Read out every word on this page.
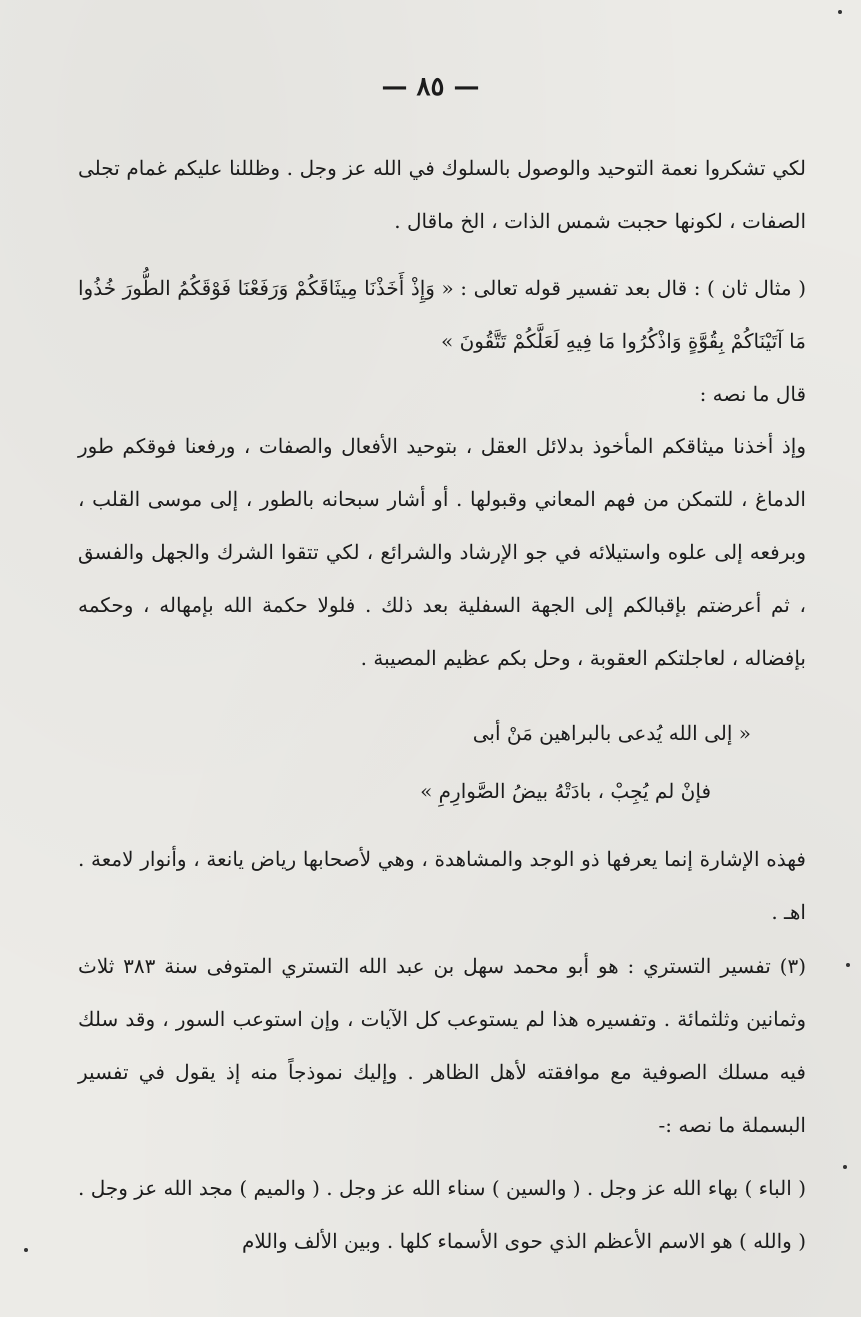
— ٨٥ —

لكي تشكروا نعمة التوحيد والوصول بالسلوك في الله عز وجل . وظللنا عليكم غمام تجلى الصفات ، لكونها حجبت شمس الذات ، الخ ماقال .

( مثال ثان ) : قال بعد تفسير قوله تعالى : « وَإِذْ أَخَذْنَا مِيثَاقَكُمْ وَرَفَعْنَا فَوْقَكُمُ الطُّورَ خُذُوا مَا آتَيْنَاكُمْ بِقُوَّةٍ وَاذْكُرُوا مَا فِيهِ لَعَلَّكُمْ تَتَّقُونَ »

قال ما نصه :

وإذ أخذنا ميثاقكم المأخوذ بدلائل العقل ، بتوحيد الأفعال والصفات ، ورفعنا فوقكم طور الدماغ ، للتمكن من فهم المعاني وقبولها . أو أشار سبحانه بالطور ، إلى موسى القلب ، وبرفعه إلى علوه واستيلائه في جو الإرشاد والشرائع ، لكي تتقوا الشرك والجهل والفسق ، ثم أعرضتم بإقبالكم إلى الجهة السفلية بعد ذلك . فلولا حكمة الله بإمهاله ، وحكمه بإفضاله ، لعاجلتكم العقوبة ، وحل بكم عظيم المصيبة .

« إلى الله يُدعى بالبراهين مَنْ أبى
فإنْ لم يُجِبْ ، بادَتْهُ بيضُ الصَّوارِمِ »

فهذه الإشارة إنما يعرفها ذو الوجد والمشاهدة ، وهي لأصحابها رياض يانعة ، وأنوار لامعة . اهـ .

(٣) تفسير التستري : هو أبو محمد سهل بن عبد الله التستري المتوفى سنة ٣٨٣ ثلاث وثمانين وثلثمائة . وتفسيره هذا لم يستوعب كل الآيات ، وإن استوعب السور ، وقد سلك فيه مسلك الصوفية مع موافقته لأهل الظاهر . وإليك نموذجاً منه إذ يقول في تفسير البسملة ما نصه :-

( الباء ) بهاء الله عز وجل . ( والسين ) سناء الله عز وجل . ( والميم ) مجد الله عز وجل . ( والله ) هو الاسم الأعظم الذي حوى الأسماء كلها . وبين الألف واللام
